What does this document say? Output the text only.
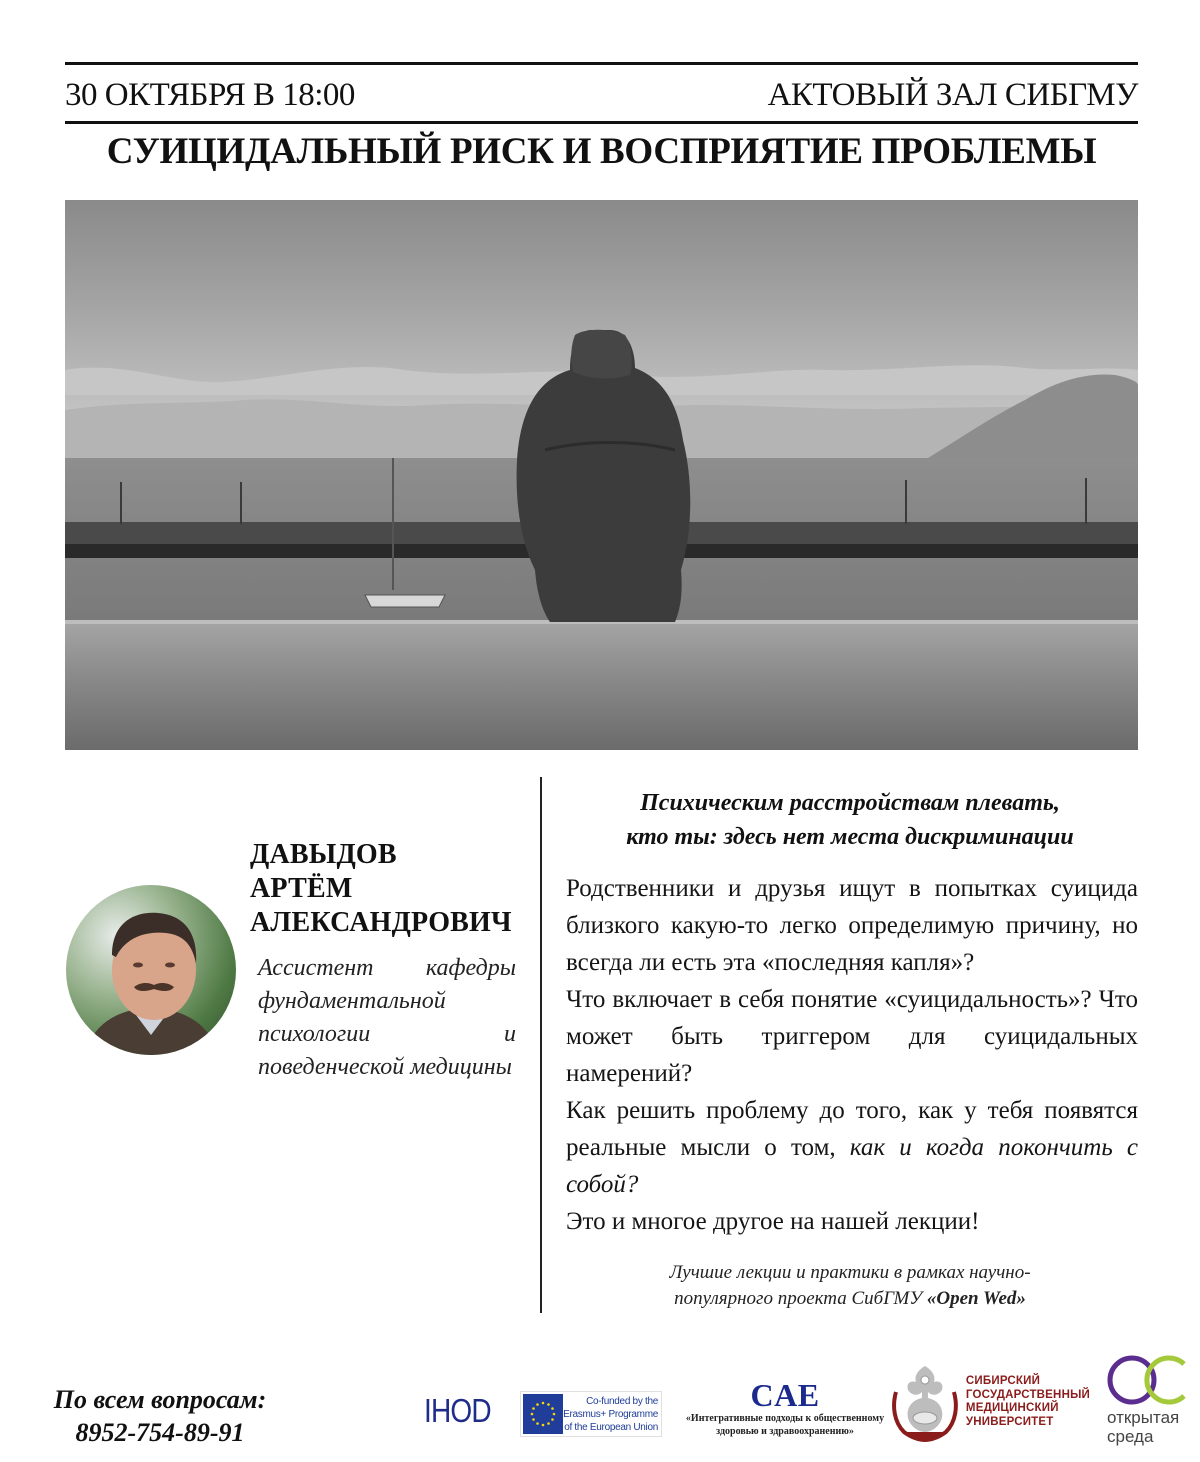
30 ОКТЯБРЯ В 18:00	АКТОВЫЙ ЗАЛ СИБГМУ
СУИЦИДАЛЬНЫЙ РИСК И ВОСПРИЯТИЕ ПРОБЛЕМЫ
ДАВЫДОВ
АРТЁМ
АЛЕКСАНДРОВИЧ
Ассистент кафедры фундаментальной психологии и поведенческой медицины
Психическим расстройствам плевать,
кто ты: здесь нет места дискриминации

Родственники и друзья ищут в попытках суицида близкого какую-то легко определимую причину, но всегда ли есть эта «последняя капля»?

Что включает в себя понятие «суицидальность»? Что может быть триггером для суицидальных намерений?

Как решить проблему до того, как у тебя появятся реальные мысли о том, как и когда покончить с собой?

Это и многое другое на нашей лекции!

Лучшие лекции и практики в рамках научно-
популярного проекта СибГМУ «Open Wed»
По всем вопросам:
8952-754-89-91
IHOD	Co-funded by the
Erasmus+ Programme
of the European Union
CAE
«Интегративные подходы к общественному
здоровью и здравоохранению»
СИБИРСКИЙ
ГОСУДАРСТВЕННЫЙ
МЕДИЦИНСКИЙ
УНИВЕРСИТЕТ	открытая
среда
